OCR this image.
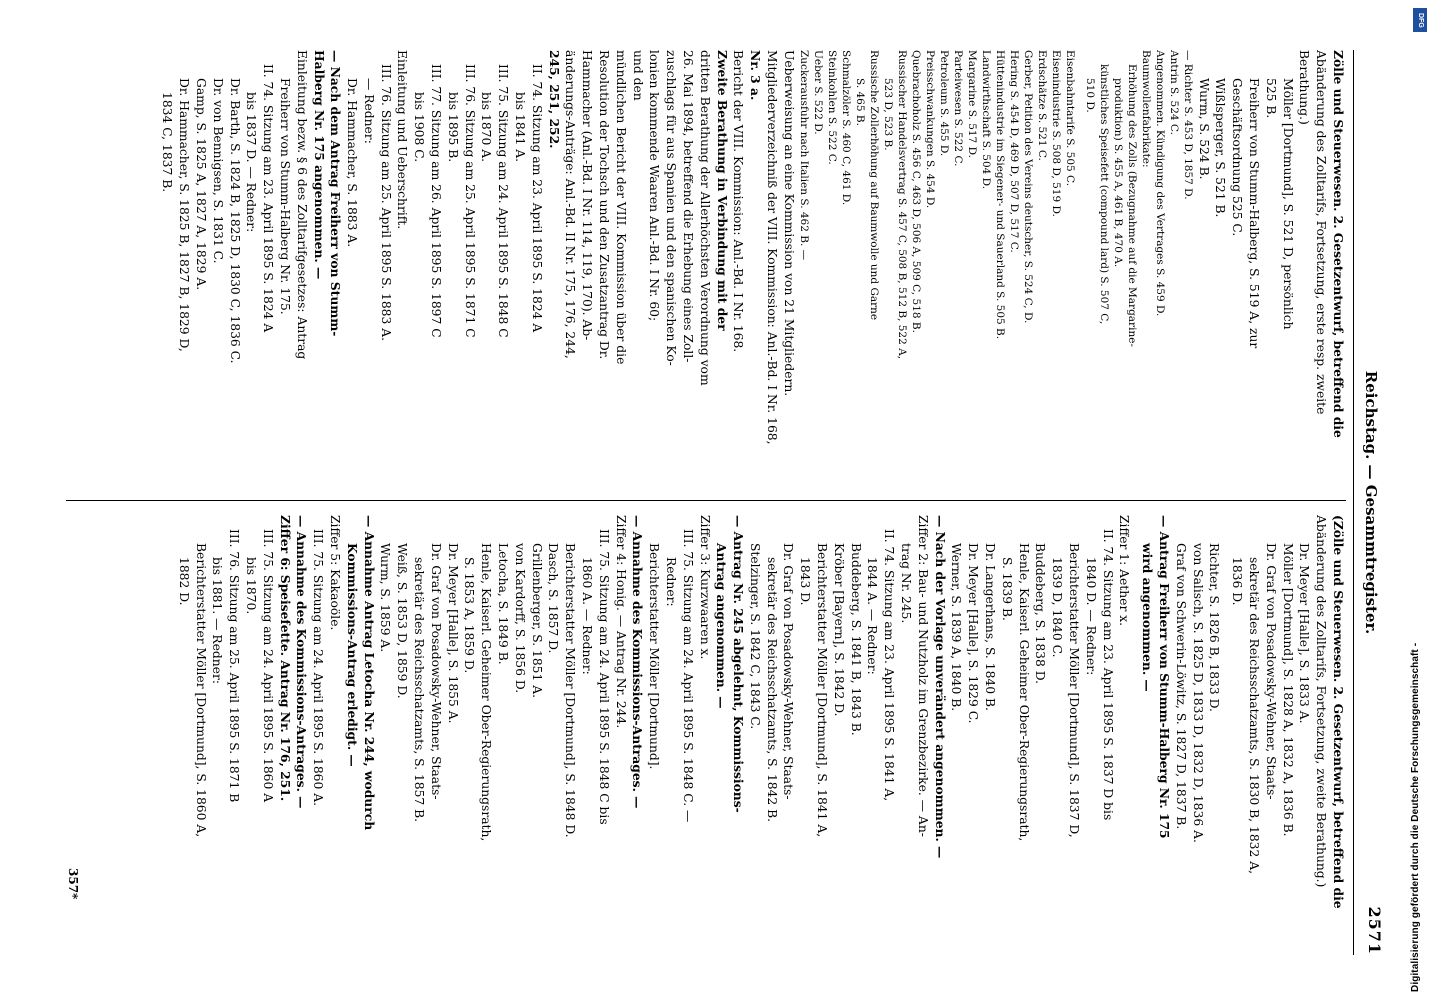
Reichstag. — Gesammtregister.
2571
Zölle und Steuerwesen. 2. Gesetzentwurf, betreffend die
Abänderung des Zolltarifs, Fortsetzung, erste resp. zweite
Berathung.)
Möller [Dortmund], S. 521 D, persönlich
525 B.
Freiherr von Stumm-Halberg, S. 519 A, zur
Geschäftsordnung 525 C.
Wißlsperger, S. 521 B.
Wurm, S. 524 B.
— Richter S. 453 D, 1857 D.
Antrin S. 524 C.
Angenommen. Kündigung des Vertrages S. 459 D.
Baumwollenfabrikate:
Erhöhung des Zolls (Bezugnahme auf die Margarine-
produktion) S. 455 A, 461 B, 470 A.
künstliches Speisefett (compound lard) S. 507 C,
510 D.
Eisenbahntarife S. 505 C.
Eisenindustrie S. 508 D, 519 D.
Erdschätze S. 521 C.
Gerber, Petition des Vereins deutscher, S. 524 C, D.
Hering S. 454 D, 469 D, 507 D, 517 C.
Hüttenindustrie im Siegener- und Sauerland S. 505 B.
Landwirthschaft S. 504 D.
Margarine S. 517 D.
Parteiwesen S. 522 C.
Petroleum S. 455 D.
Preisschwankungen S. 454 D.
Quebrachoholz S. 456 C, 463 D, 506 A, 509 C, 518 B.
Russischer Handelsvertrag S. 457 C, 508 B, 512 B, 522 A,
523 D, 523 B.
Russische Zollerhöhung auf Baumwolle und Garne
S. 465 B.
Schmalzöler S. 460 C, 461 D.
Steinkohlen S. 522 C.
Ueber S. 522 D.
Zuckerausfuhr nach Italien S. 462 B. —
Ueberweisung an eine Kommission von 21 Mitgliedern.
Mitgliederverzeichniß der VIII. Kommission: Anl.-Bd. I Nr. 168,
Nr. 3 a.
Bericht der VIII. Kommission: Anl.-Bd. I Nr. 168.
Zweite Berathung in Verbindung mit der
dritten Berathung der Allerhöchsten Verordnung vom
26. Mai 1894, betreffend die Erhebung eines Zoll-
zuschlags für aus Spanien und den spanischen Ko-
lonien kommende Waaren Anl.-Bd. I Nr. 60;
und den
mündlichen Bericht der VIII. Kommission über die
Resolution der Tochsch und den Zusatzantrag Dr.
Hammacher (Anl.-Bd. I Nr. 114, 119, 170). Ab-
änderungs-Anträge: Anl.-Bd. II Nr. 175, 176, 244,
245, 251, 252.
II. 74. Sitzung am 23. April 1895 S. 1824 A
bis 1841 A.
III. 75. Sitzung am 24. April 1895 S. 1848 C
bis 1870 A.
III. 76. Sitzung am 25. April 1895 S. 1871 C
bis 1895 B.
III. 77. Sitzung am 26. April 1895 S. 1897 C
bis 1908 C.
Einleitung und Ueberschrift.
III. 76. Sitzung am 25. April 1895 S. 1883 A.
— Redner:
Dr. Hammacher, S. 1883 A.
— Nach dem Antrag Freiherr von Stumm-
Halberg Nr. 175 angenommen. —
Einleitung bezw. § 6 des Zolltarifgesetzes: Antrag
Freiherr von Stumm-Halberg Nr. 175.
II. 74. Sitzung am 23. April 1895 S. 1824 A
bis 1837 D. — Redner:
Dr. Barth, S. 1824 B, 1825 D, 1830 C, 1836 C.
Dr. von Bennigsen, S. 1831 C.
Gamp, S. 1825 A, 1827 A, 1829 A.
Dr. Hammacher, S. 1825 B, 1827 B, 1829 D,
1834 C, 1837 B.
(Zölle und Steuerwesen. 2. Gesetzentwurf, betreffend die
Abänderung des Zolltarifs, Fortsetzung, zweite Berathung.)
Dr. Meyer [Halle], S. 1833 A.
Möller [Dortmund], S. 1828 A, 1832 A, 1836 B.
Dr. Graf von Posadowsky-Wehner, Staats-
sekretär des Reichsschatzamts, S. 1830 B, 1832 A,
1836 D.
Richter, S. 1826 B, 1833 D.
von Salisch, S. 1825 D, 1833 D, 1832 D, 1836 A.
Graf von Schwerin-Löwitz, S. 1827 D, 1837 B.
— Antrag Freiherr von Stumm-Halberg Nr. 175
wird angenommen. —
Ziffer 1: Aether x.
II. 74. Sitzung am 23. April 1895 S. 1837 D bis
1840 D. — Redner:
Berichterstatter Möller [Dortmund], S. 1837 D,
1839 D, 1840 C.
Buddeberg, S. 1838 D.
Henle, Kaiserl. Geheimer Ober-Regierungsrath,
S. 1839 B.
Dr. Langerhans, S. 1840 B.
Dr. Meyer [Halle], S. 1829 C.
Werner, S. 1839 A, 1840 B.
— Nach der Vorlage unverändert angenommen. —
Ziffer 2: Bau- und Nutzholz im Grenzbezirke. — An-
trag Nr. 245.
II. 74. Sitzung am 23. April 1895 S. 1841 A,
1844 A. — Redner:
Buddeberg, S. 1841 B, 1843 B.
Kröber [Bayern], S. 1842 D.
Berichterstatter Möller [Dortmund], S. 1841 A,
1843 D.
Dr. Graf von Posadowsky-Wehner, Staats-
sekretär des Reichsschatzamts, S. 1842 B.
Stelzinger, S. 1842 C, 1843 C.
— Antrag Nr. 245 abgelehnt, Kommissions-
Antrag angenommen. —
Ziffer 3: Kurzwaaren x.
III. 75. Sitzung am 24. April 1895 S. 1848 C. —
Redner:
Berichterstatter Möller [Dortmund].
— Annahme des Kommissions-Antrages. —
Ziffer 4: Honig. — Antrag Nr. 244.
III. 75. Sitzung am 24. April 1895 S. 1848 C bis
1860 A. — Redner:
Berichterstatter Möller [Dortmund], S. 1848 D.
Dasch, S. 1857 D.
Grillenberger, S. 1851 A.
von Kardorff, S. 1856 D.
Letocha, S. 1849 B.
Henle, Kaiserl. Geheimer Ober-Regierungsrath,
S. 1853 A, 1859 D.
Dr. Meyer [Halle], S. 1855 A.
Dr. Graf von Posadowsky-Wehner, Staats-
sekretär des Reichsschatzamts, S. 1857 B.
Weiß, S. 1853 D, 1859 D.
Wurm, S. 1859 A.
— Annahme Antrag Letocha Nr. 244, wodurch
Kommissions-Antrag erledigt. —
Ziffer 5: Kakaoöle.
III. 75. Sitzung am 24. April 1895 S. 1860 A.
— Annahme des Kommissions-Antrages. —
Ziffer 6: Speisefette. Antrag Nr. 176, 251.
III. 75. Sitzung am 24. April 1895 S. 1860 A
bis 1870.
III. 76. Sitzung am 25. April 1895 S. 1871 B
bis 1881. — Redner:
Berichterstatter Möller [Dortmund], S. 1860 A,
1882 D.
357*
DFG
Digitalisierung gefördert durch die Deutsche Forschungsgemeinschaft -
